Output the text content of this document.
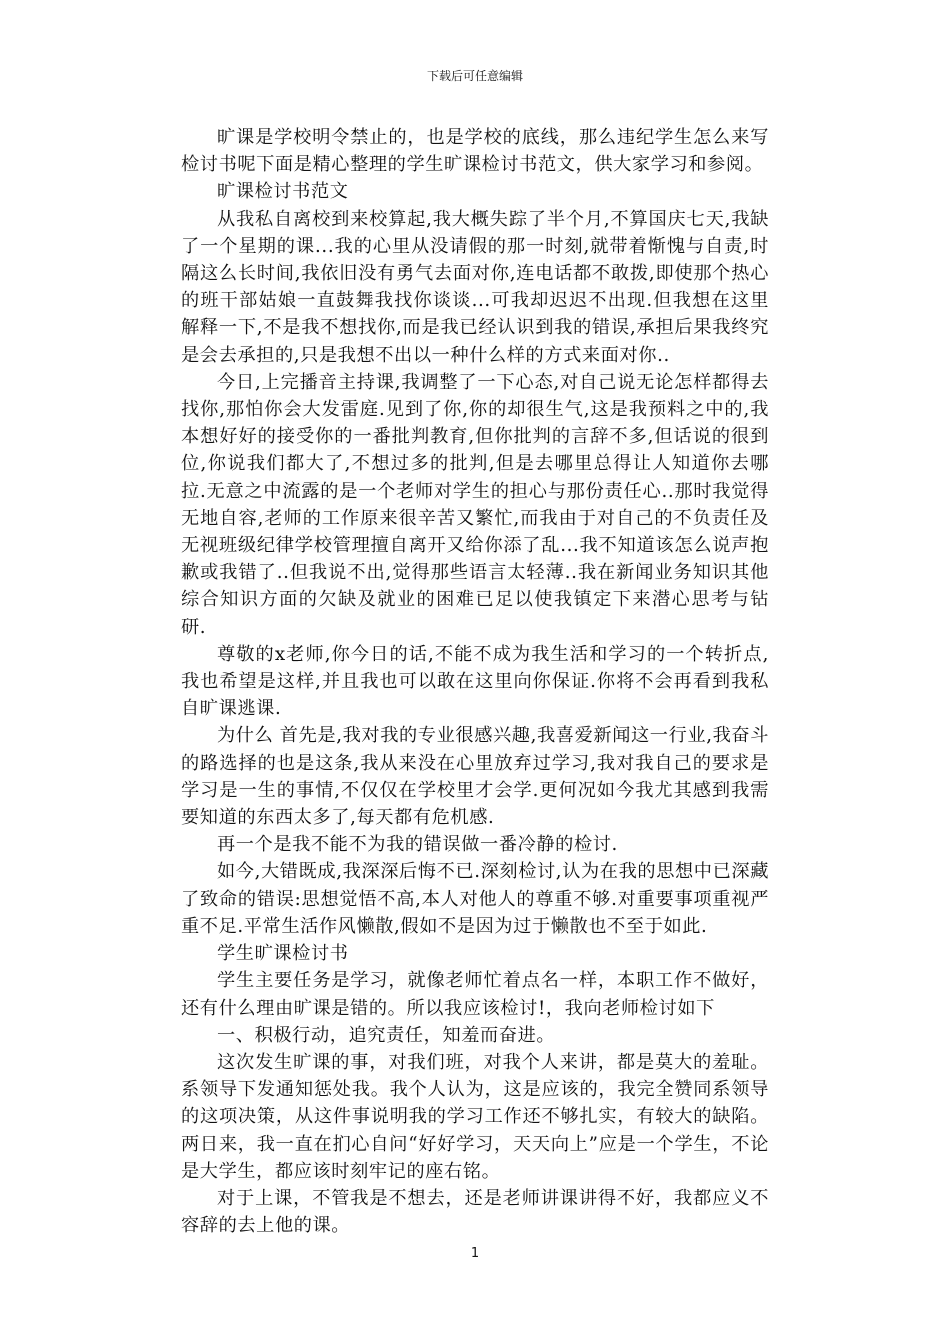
下载后可任意编辑

旷课是学校明令禁止的，也是学校的底线，那么违纪学生怎么来写检讨书呢下面是精心整理的学生旷课检讨书范文，供大家学习和参阅。

旷课检讨书范文

从我私自离校到来校算起,我大概失踪了半个月,不算国庆七天,我缺了一个星期的课...我的心里从没请假的那一时刻,就带着惭愧与自责,时隔这么长时间,我依旧没有勇气去面对你,连电话都不敢拨,即使那个热心的班干部姑娘一直鼓舞我找你谈谈...可我却迟迟不出现.但我想在这里解释一下,不是我不想找你,而是我已经认识到我的错误,承担后果我终究是会去承担的,只是我想不出以一种什么样的方式来面对你..

今日,上完播音主持课,我调整了一下心态,对自己说无论怎样都得去找你,那怕你会大发雷庭.见到了你,你的却很生气,这是我预料之中的,我本想好好的接受你的一番批判教育,但你批判的言辞不多,但话说的很到位,你说我们都大了,不想过多的批判,但是去哪里总得让人知道你去哪拉.无意之中流露的是一个老师对学生的担心与那份责任心..那时我觉得无地自容,老师的工作原来很辛苦又繁忙,而我由于对自己的不负责任及无视班级纪律学校管理擅自离开又给你添了乱...我不知道该怎么说声抱歉或我错了..但我说不出,觉得那些语言太轻薄..我在新闻业务知识其他综合知识方面的欠缺及就业的困难已足以使我镇定下来潜心思考与钻研.

尊敬的x老师,你今日的话,不能不成为我生活和学习的一个转折点,我也希望是这样,并且我也可以敢在这里向你保证.你将不会再看到我私自旷课逃课.

为什么 首先是,我对我的专业很感兴趣,我喜爱新闻这一行业,我奋斗的路选择的也是这条,我从来没在心里放弃过学习,我对我自己的要求是学习是一生的事情,不仅仅在学校里才会学.更何况如今我尤其感到我需要知道的东西太多了,每天都有危机感.

再一个是我不能不为我的错误做一番冷静的检讨.

如今,大错既成,我深深后悔不已.深刻检讨,认为在我的思想中已深藏了致命的错误:思想觉悟不高,本人对他人的尊重不够.对重要事项重视严重不足.平常生活作风懒散,假如不是因为过于懒散也不至于如此.

学生旷课检讨书

学生主要任务是学习，就像老师忙着点名一样，本职工作不做好，还有什么理由旷课是错的。所以我应该检讨!，我向老师检讨如下

一、积极行动，追究责任，知羞而奋进。

这次发生旷课的事，对我们班，对我个人来讲，都是莫大的羞耻。系领导下发通知惩处我。我个人认为，这是应该的，我完全赞同系领导的这项决策，从这件事说明我的学习工作还不够扎实，有较大的缺陷。两日来，我一直在扪心自问“好好学习，天天向上”应是一个学生，不论是大学生，都应该时刻牢记的座右铭。

对于上课，不管我是不想去，还是老师讲课讲得不好，我都应义不容辞的去上他的课。

1
